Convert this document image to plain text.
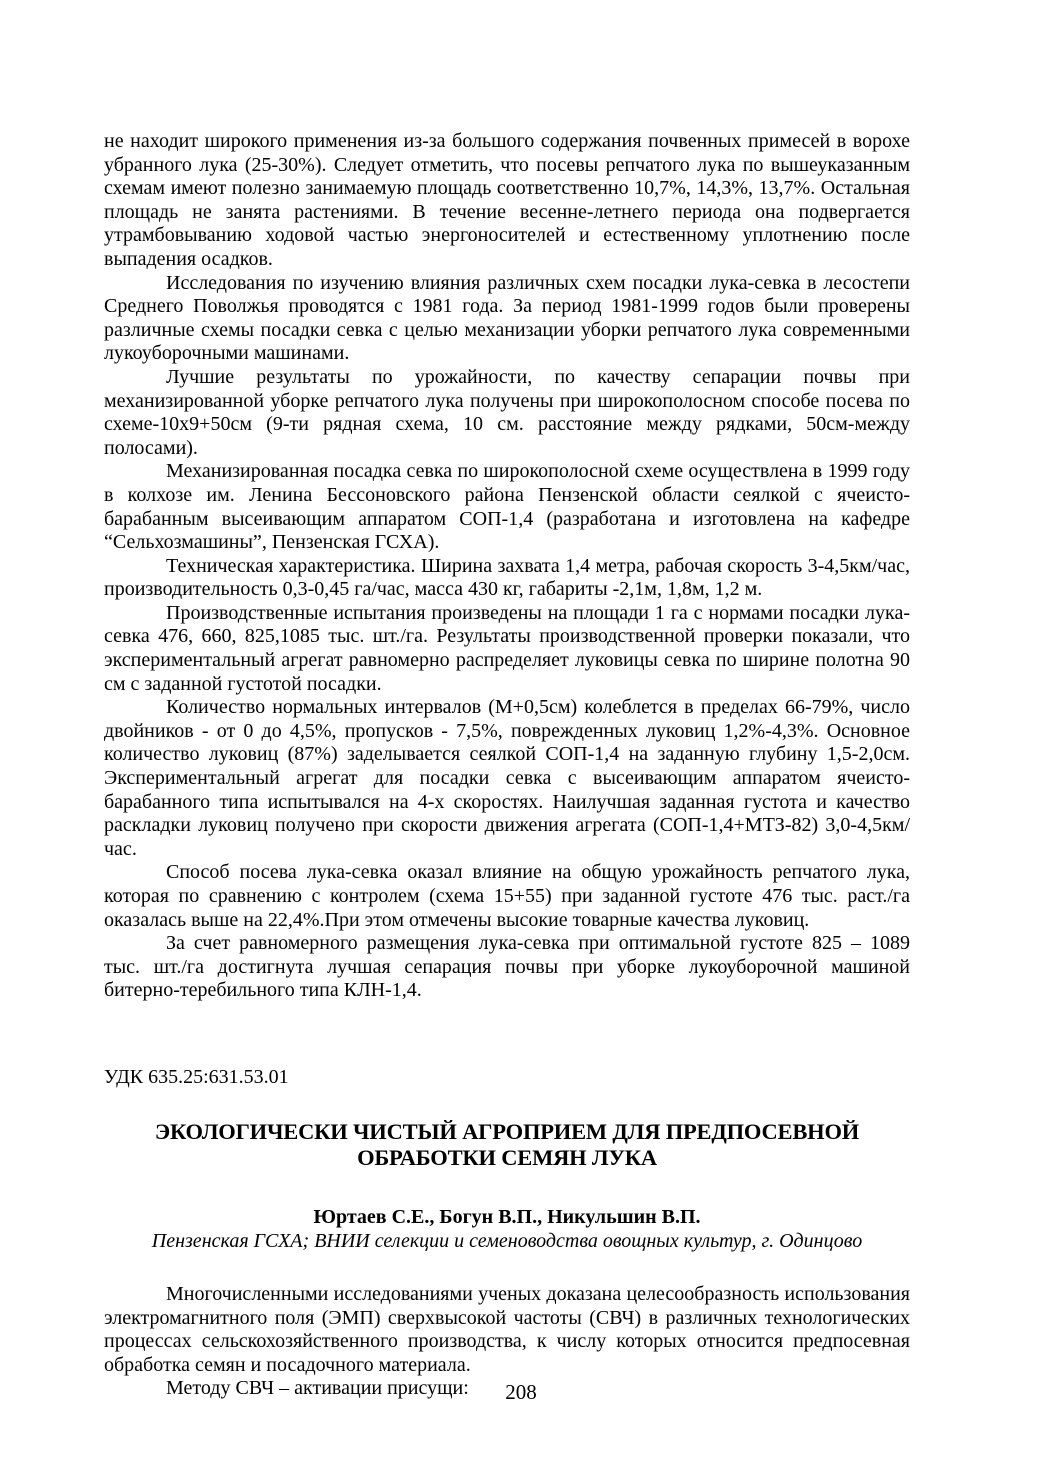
не находит широкого применения из-за большого содержания почвенных примесей в ворохе убранного лука (25-30%). Следует отметить, что посевы репчатого лука по вышеуказанным схемам имеют полезно занимаемую площадь соответственно 10,7%, 14,3%, 13,7%. Остальная площадь не занята растениями. В течение весенне-летнего периода она подвергается утрамбовыванию ходовой частью энергоносителей и естественному уплотнению после выпадения осадков.

Исследования по изучению влияния различных схем посадки лука-севка в лесостепи Среднего Поволжья проводятся с 1981 года. За период 1981-1999 годов были проверены различные схемы посадки севка с целью механизации уборки репчатого лука современными лукоуборочными машинами.

Лучшие результаты по урожайности, по качеству сепарации почвы при механизированной уборке репчатого лука получены при широкополосном способе посева по схеме-10х9+50см (9-ти рядная схема, 10 см. расстояние между рядками, 50см-между полосами).

Механизированная посадка севка по широкополосной схеме осуществлена в 1999 году в колхозе им. Ленина Бессоновского района Пензенской области сеялкой с ячеисто-барабанным высеивающим аппаратом СОП-1,4 (разработана и изготовлена на кафедре “Сельхозмашины”, Пензенская ГСХА).

Техническая характеристика. Ширина захвата 1,4 метра, рабочая скорость 3-4,5км/час, производительность 0,3-0,45 га/час, масса 430 кг, габариты -2,1м, 1,8м, 1,2 м.

Производственные испытания произведены на площади 1 га с нормами посадки лука-севка 476, 660, 825,1085 тыс. шт./га. Результаты производственной проверки показали, что экспериментальный агрегат равномерно распределяет луковицы севка по ширине полотна 90 см с заданной густотой посадки.

Количество нормальных интервалов (М+0,5см) колеблется в пределах 66-79%, число двойников - от 0 до 4,5%, пропусков - 7,5%, поврежденных луковиц 1,2%-4,3%. Основное количество луковиц (87%) заделывается сеялкой СОП-1,4 на заданную глубину 1,5-2,0см. Экспериментальный агрегат для посадки севка с высеивающим аппаратом ячеисто-барабанного типа испытывался на 4-х скоростях. Наилучшая заданная густота и качество раскладки луковиц получено при скорости движения агрегата (СОП-1,4+МТЗ-82) 3,0-4,5км/час.

Способ посева лука-севка оказал влияние на общую урожайность репчатого лука, которая по сравнению с контролем (схема 15+55) при заданной густоте 476 тыс. раст./га оказалась выше на 22,4%.При этом отмечены высокие товарные качества луковиц.

За счет равномерного размещения лука-севка при оптимальной густоте 825 – 1089 тыс. шт./га достигнута лучшая сепарация почвы при уборке лукоуборочной машиной битерно-теребильного типа КЛН-1,4.

УДК 635.25:631.53.01

ЭКОЛОГИЧЕСКИ ЧИСТЫЙ АГРОПРИЕМ ДЛЯ ПРЕДПОСЕВНОЙ
ОБРАБОТКИ СЕМЯН ЛУКА

Юртаев С.Е., Богун В.П., Никульшин В.П.

Пензенская ГСХА; ВНИИ селекции и семеноводства овощных культур, г. Одинцово

Многочисленными исследованиями ученых доказана целесообразность использования электромагнитного поля (ЭМП) сверхвысокой частоты (СВЧ) в различных технологических процессах сельскохозяйственного производства, к числу которых относится предпосевная обработка семян и посадочного материала.

Методу СВЧ – активации присущи:	208
